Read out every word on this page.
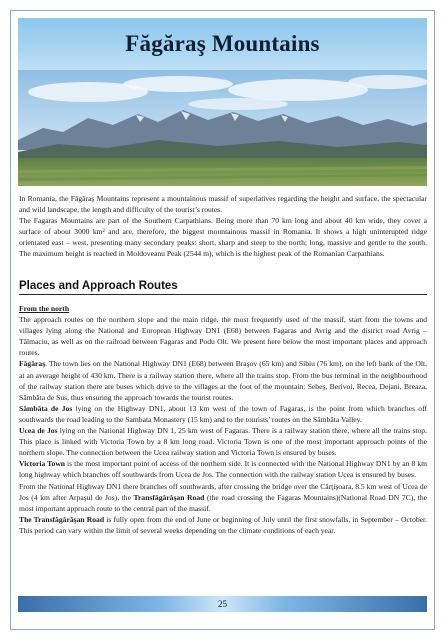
Făgăraş Mountains

In Romania, the Făgăraş Mountains represent a mountainous massif of superlatives regarding the height and surface, the spectacular and wild landscape, the length and difficulty of the tourist’s routes.

The Fagaras Mountains are part of the Southern Carpathians. Being more than 70 km long and about 40 km wide, they cover a surface of about 3000 km² and are, therefore, the biggest mountainous massif in Romania. It shows a high uninterupted ridge orientated east – west, presenting many secondary peaks: short, sharp and steep to the north; long, massive and gentle to the south. The maximum height is reached in Moldoveanu Peak (2544 m), which is the highest peak of the Romanian Carpathians.

Places and Approach Routes

From the north

The approach routes on the northern slope and the main ridge, the most frequently used of the massif, start from the towns and villages lying along the National and European Highway DN1 (E68) between Fagaras and Avrig and the district road Avrig – Tălmaciu, as well as on the railroad between Fagaras and Podu Olt. We present here below the most important places and approach routes.

Făgăraş. The town lies on the National Highway DN1 (E68) between Braşov (65 km) and Sibiu (76 km), on the left bank of the Olt, at an average height of 430 km. There is a railway station there, where all the trains stop. From the bus terminal in the neighbourhood of the railway station there are buses which drive to the villages at the foot of the mountain: Sebeş, Berivoi, Recea, Dejani, Breaza, Sâmbăta de Sus, thus ensuring the approach towards the tourist routes.

Sâmbăta de Jos lying on the Highway DN1, about 13 km west of the town of Fagaras, is the point from which branches off southwards the road leading to the Sambata Monastery (15 km) and to the tourists’ routes on the Sâmbăta Valley.

Ucea de Jos lying on the National Highway DN 1, 25 km west of Fagaras. There is a railway station there, where all the trains stop. This place is linked with Victoria Town by a 8 km long road. Victoria Town is one of the most important approach points of the northern slope. The connection between the Ucea railway station and Victoria Town is ensured by buses.

Victoria Town is the most important point of access of the northern side. It is connected with the National Highway DN1 by an 8 km long highway which branches off southwards from Ucea de Jos. The connection with the railway station Ucea is ensured by buses.

From the National Highway DN1 there branches off southwards, after crossing the bridge over the Cârţişoara, 8.5 km west of Ucea de Jos (4 km after Arpaşul de Jos), the Transfăgărăşan Road (the road crossing the Fagaras Mountains)(National Road DN 7C), the most important approach route to the central part of the massif.

The Transfăgărăşan Road is fully open from the end of June or beginning of July until the first snowfalls, in September – October. This period can vary within the limit of several weeks depending on the climate conditions of each year.

25
